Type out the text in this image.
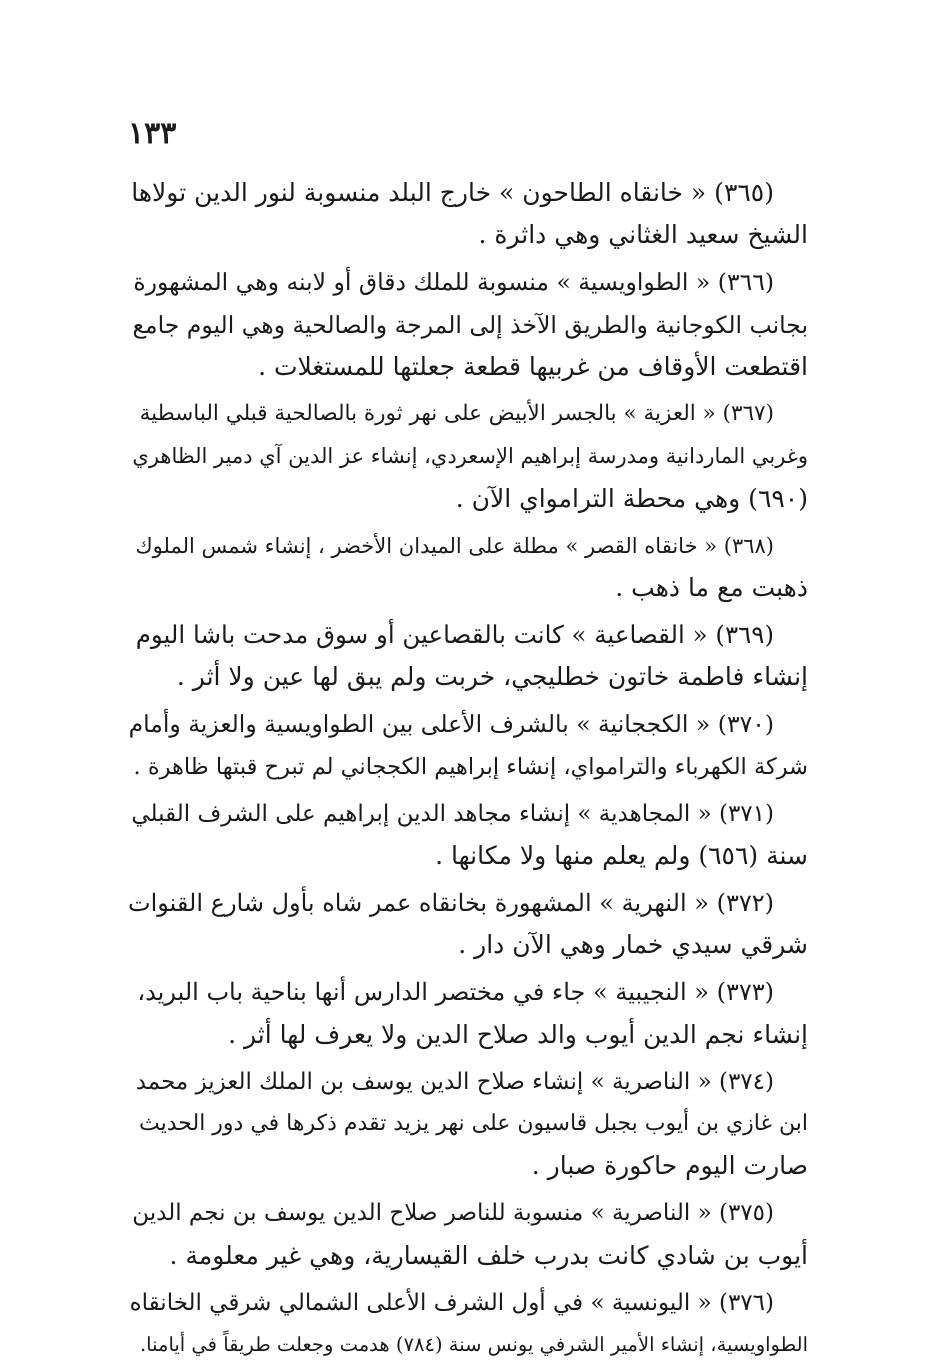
١٣٣
(٣٦٥) « خانقاه الطاحون » خارج البلد منسوبة لنور الدين تولاها
الشيخ سعيد الغثاني وهي داثرة .
(٣٦٦) « الطواويسية » منسوبة للملك دقاق أو لابنه وهي المشهورة
بجانب الكوجانية والطريق الآخذ إلى المرجة والصالحية وهي اليوم جامع
اقتطعت الأوقاف من غربيها قطعة جعلتها للمستغلات .
(٣٦٧) « العزية » بالجسر الأبيض على نهر ثورة بالصالحية قبلي الباسطية
وغربي الماردانية ومدرسة إبراهيم الإسعردي، إنشاء عز الدين آي دمير الظاهري
(٦٩٠) وهي محطة الترامواي الآن .
(٣٦٨) « خانقاه القصر » مطلة على الميدان الأخضر ، إنشاء شمس الملوك
ذهبت مع ما ذهب .
(٣٦٩) « القصاعية » كانت بالقصاعين أو سوق مدحت باشا اليوم
إنشاء فاطمة خاتون خطليجي، خربت ولم يبق لها عين ولا أثر .
(٣٧٠) « الكججانية » بالشرف الأعلى بين الطواويسية والعزية وأمام
شركة الكهرباء والترامواي، إنشاء إبراهيم الكججاني لم تبرح قبتها ظاهرة .
(٣٧١) « المجاهدية » إنشاء مجاهد الدين إبراهيم على الشرف القبلي
سنة (٦٥٦) ولم يعلم منها ولا مكانها .
(٣٧٢) « النهرية » المشهورة بخانقاه عمر شاه بأول شارع القنوات
شرقي سيدي خمار وهي الآن دار .
(٣٧٣) « النجيبية » جاء في مختصر الدارس أنها بناحية باب البريد،
إنشاء نجم الدين أيوب والد صلاح الدين ولا يعرف لها أثر .
(٣٧٤) « الناصرية » إنشاء صلاح الدين يوسف بن الملك العزيز محمد
ابن غازي بن أيوب بجبل قاسيون على نهر يزيد تقدم ذكرها في دور الحديث
صارت اليوم حاكورة صبار .
(٣٧٥) « الناصرية » منسوبة للناصر صلاح الدين يوسف بن نجم الدين
أيوب بن شادي كانت بدرب خلف القيسارية، وهي غير معلومة .
(٣٧٦) « اليونسية » في أول الشرف الأعلى الشمالي شرقي الخانقاه
الطواويسية، إنشاء الأمير الشرفي يونس سنة (٧٨٤) هدمت وجعلت طريقاً في أيامنا.
